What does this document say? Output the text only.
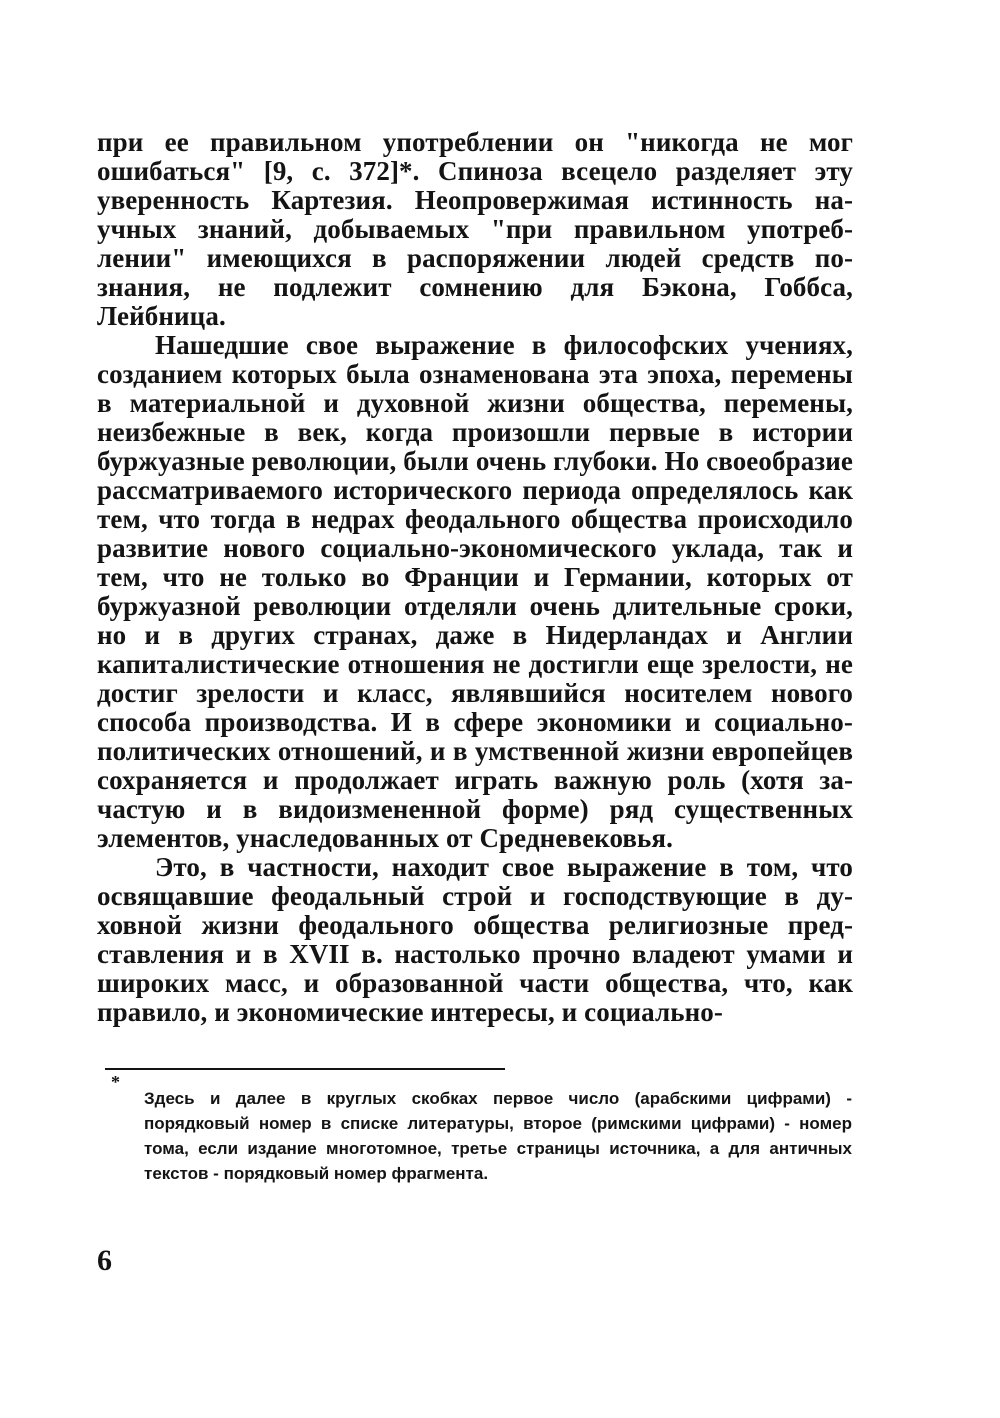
при ее правильном употреблении он "никогда не мог ошибаться" [9, с. 372]*. Спиноза всецело разделяет эту уверенность Картезия. Неопровержимая истинность научных знаний, добываемых "при правильном употреблении" имеющихся в распоряжении людей средств познания, не подлежит сомнению для Бэкона, Гоббса, Лейбница.

Нашедшие свое выражение в философских учениях, созданием которых была ознаменована эта эпоха, перемены в материальной и духовной жизни общества, перемены, неизбежные в век, когда произошли первые в истории буржуазные революции, были очень глубоки. Но своеобразие рассматриваемого исторического периода определялось как тем, что тогда в недрах феодального общества происходило развитие нового социально-экономического уклада, так и тем, что не только во Франции и Германии, которых от буржуазной революции отделяли очень длительные сроки, но и в других странах, даже в Нидерландах и Англии капиталистические отношения не достигли еще зрелости, не достиг зрелости и класс, являвшийся носителем нового способа производства. И в сфере экономики и социально-политических отношений, и в умственной жизни европейцев сохраняется и продолжает играть важную роль (хотя зачастую и в видоизмененной форме) ряд существенных элементов, унаследованных от Средневековья.

Это, в частности, находит свое выражение в том, что освящавшие феодальный строй и господствующие в духовной жизни феодального общества религиозные представления и в XVII в. настолько прочно владеют умами и широких масс, и образованной части общества, что, как правило, и экономические интересы, и социально-

*

Здесь и далее в круглых скобках первое число (арабскими цифрами) - порядковый номер в списке литературы, второе (римскими цифрами) - номер тома, если издание многотомное, третье страницы источника, а для античных текстов - порядковый номер фрагмента.

6
